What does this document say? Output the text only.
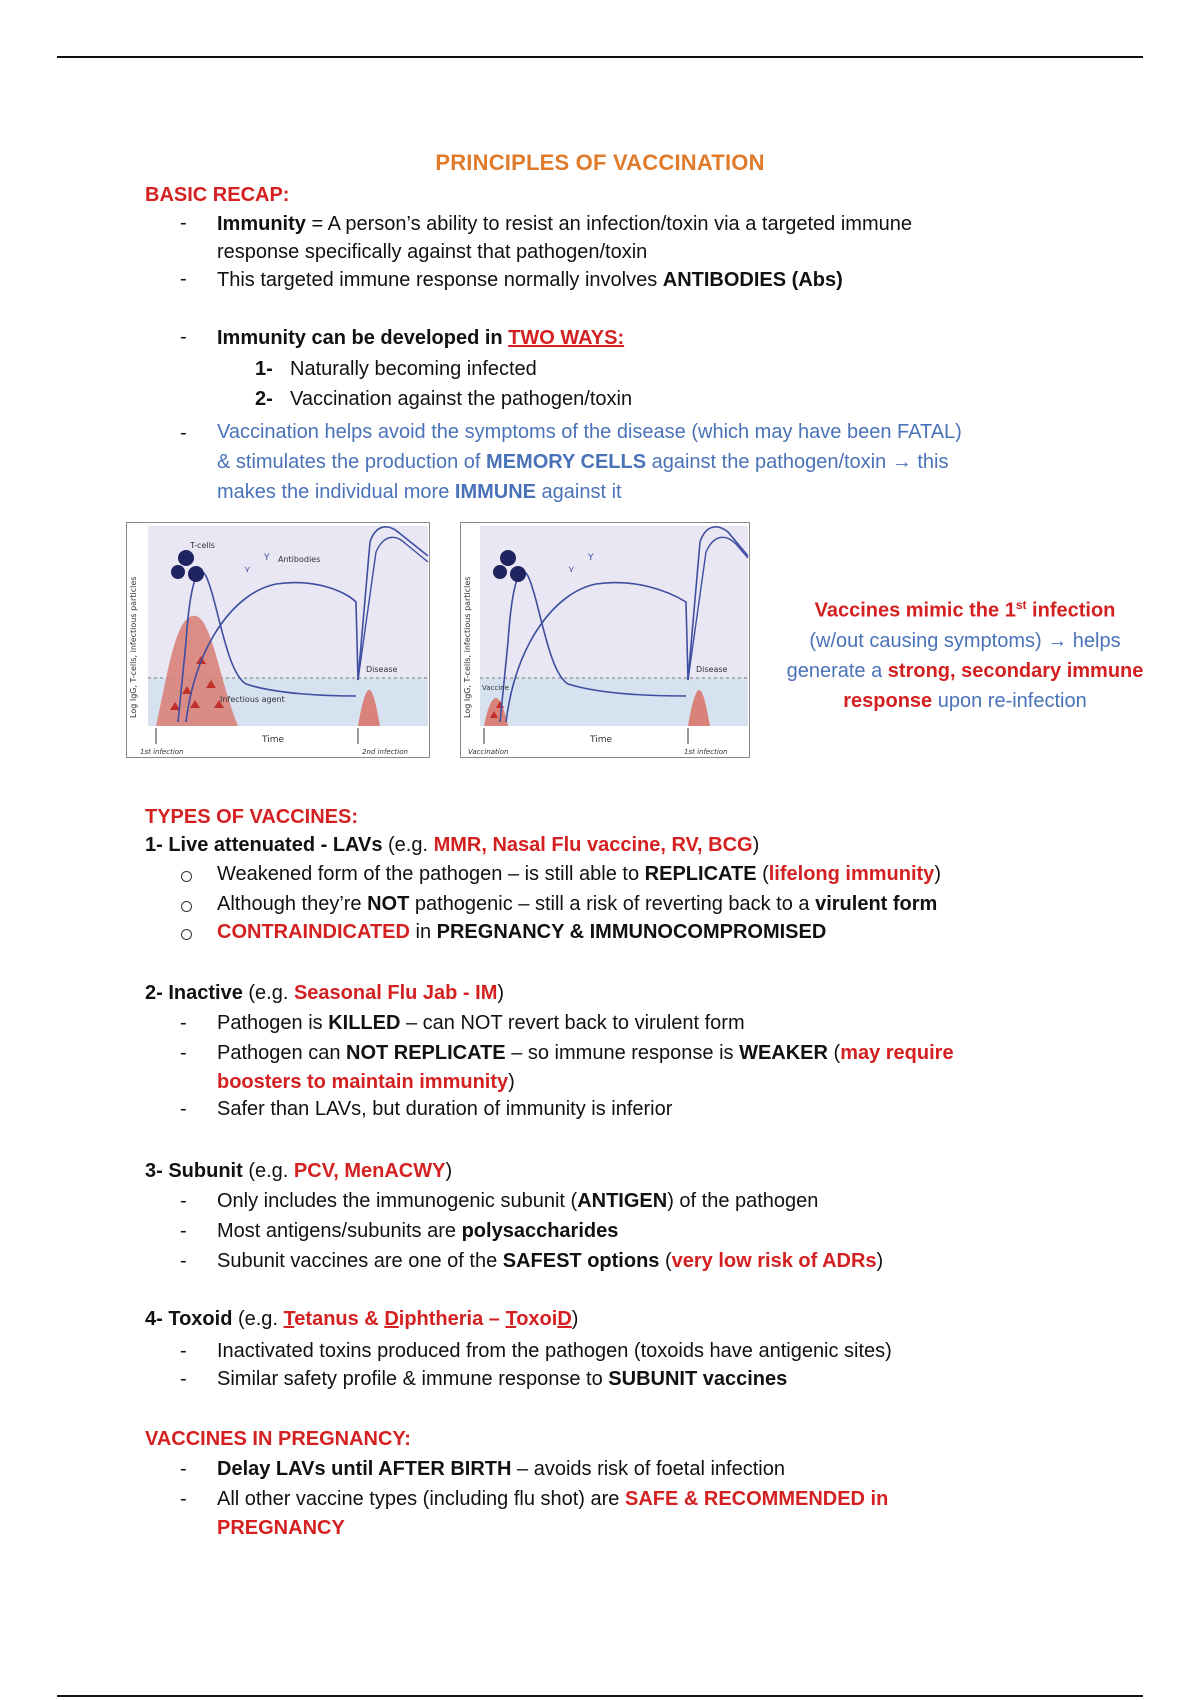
PRINCIPLES OF VACCINATION
BASIC RECAP:
- Immunity = A person’s ability to resist an infection/toxin via a targeted immune
response specifically against that pathogen/toxin
- This targeted immune response normally involves ANTIBODIES (Abs)
- Immunity can be developed in TWO WAYS:
1- Naturally becoming infected
2- Vaccination against the pathogen/toxin
- Vaccination helps avoid the symptoms of the disease (which may have been FATAL)
& stimulates the production of MEMORY CELLS against the pathogen/toxin → this
makes the individual more IMMUNE against it
Y
⋎
T-cells
Antibodies
Disease
Infectious agent
Time
1st infection	2nd infection
Log IgG, T-cells, infectious particles
Y
⋎
Disease
Vaccine
Time
Vaccination	1st infection
Log IgG, T-cells, infectious particles	Vaccines mimic the 1st infection
(w/out causing symptoms) → helps
generate a strong, secondary immune
response upon re-infection
TYPES OF VACCINES:
1- Live attenuated - LAVs (e.g. MMR, Nasal Flu vaccine, RV, BCG)
Weakened form of the pathogen – is still able to REPLICATE (lifelong immunity)
Although they’re NOT pathogenic – still a risk of reverting back to a virulent form
CONTRAINDICATED in PREGNANCY & IMMUNOCOMPROMISED
2- Inactive (e.g. Seasonal Flu Jab - IM)
- Pathogen is KILLED – can NOT revert back to virulent form
- Pathogen can NOT REPLICATE – so immune response is WEAKER (may require
boosters to maintain immunity)
- Safer than LAVs, but duration of immunity is inferior
3- Subunit (e.g. PCV, MenACWY)
- Only includes the immunogenic subunit (ANTIGEN) of the pathogen
- Most antigens/subunits are polysaccharides
- Subunit vaccines are one of the SAFEST options (very low risk of ADRs)
4- Toxoid (e.g. Tetanus & Diphtheria – ToxoiD)
- Inactivated toxins produced from the pathogen (toxoids have antigenic sites)
- Similar safety profile & immune response to SUBUNIT vaccines
VACCINES IN PREGNANCY:
- Delay LAVs until AFTER BIRTH – avoids risk of foetal infection
- All other vaccine types (including flu shot) are SAFE & RECOMMENDED in
PREGNANCY
